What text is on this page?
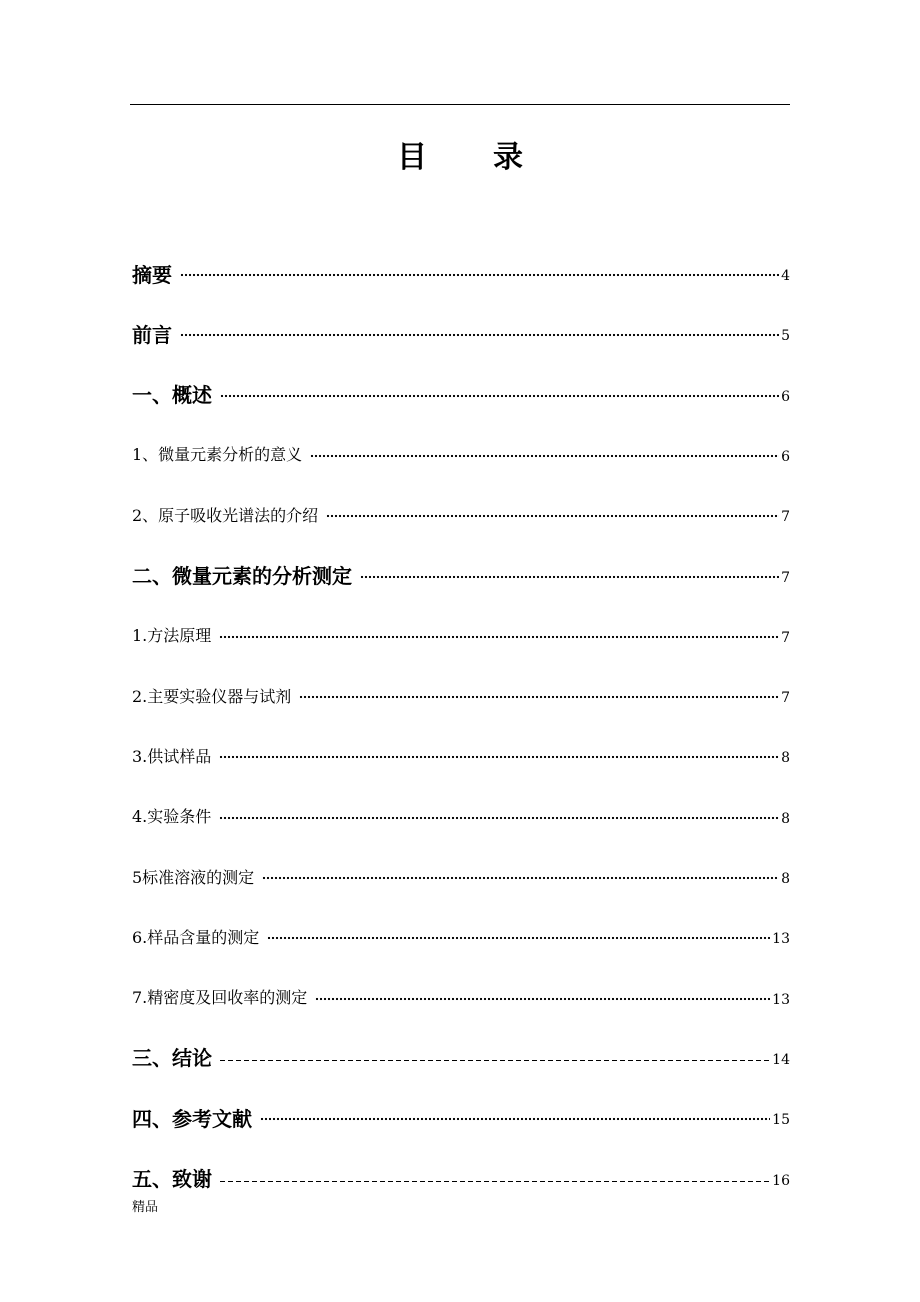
目录
摘要	4
前言	5
一、概述	6
1、微量元素分析的意义	6
2、原子吸收光谱法的介绍	7
二、微量元素的分析测定	7
1.方法原理	7
2.主要实验仪器与试剂	7
3.供试样品	8
4.实验条件	8
5标准溶液的测定	8
6.样品含量的测定	13
7.精密度及回收率的测定	13
三、结论	14
四、参考文献	15
五、致谢	16
精品
